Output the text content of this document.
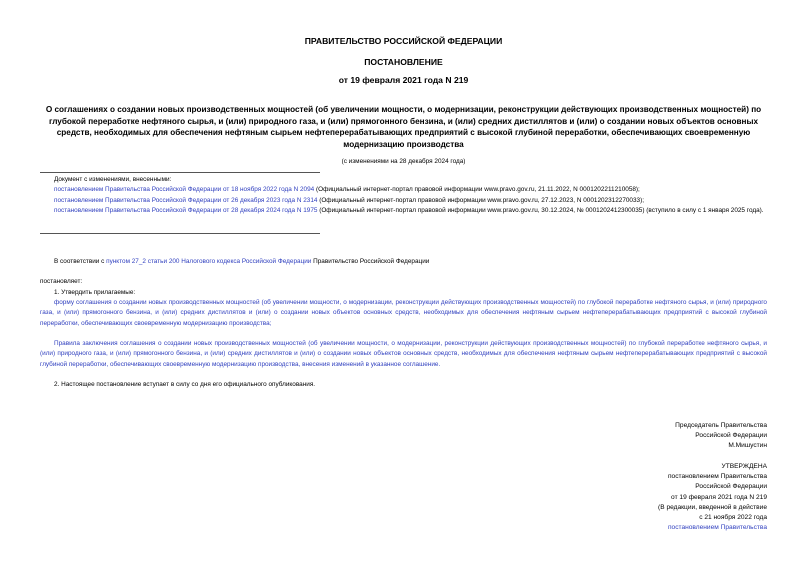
ПРАВИТЕЛЬСТВО РОССИЙСКОЙ ФЕДЕРАЦИИ
ПОСТАНОВЛЕНИЕ
от 19 февраля 2021 года N 219
О соглашениях о создании новых производственных мощностей (об увеличении мощности, о модернизации, реконструкции действующих производственных мощностей) по глубокой переработке нефтяного сырья, и (или) природного газа, и (или) прямогонного бензина, и (или) средних дистиллятов и (или) о создании новых объектов основных средств, необходимых для обеспечения нефтяным сырьем нефтеперерабатывающих предприятий с высокой глубиной переработки, обеспечивающих своевременную модернизацию производства
(с изменениями на 28 декабря 2024 года)
Документ с изменениями, внесенными:
постановлением Правительства Российской Федерации от 18 ноября 2022 года N 2094 (Официальный интернет-портал правовой информации www.pravo.gov.ru, 21.11.2022, N 0001202211210058);
постановлением Правительства Российской Федерации от 26 декабря 2023 года N 2314 (Официальный интернет-портал правовой информации www.pravo.gov.ru, 27.12.2023, N 0001202312270033);
постановлением Правительства Российской Федерации от 28 декабря 2024 года N 1975 (Официальный интернет-портал правовой информации www.pravo.gov.ru, 30.12.2024, № 0001202412300035) (вступило в силу с 1 января 2025 года).
В соответствии с пунктом 27_2 статьи 200 Налогового кодекса Российской Федерации Правительство Российской Федерации
постановляет:
1. Утвердить прилагаемые:
форму соглашения о создании новых производственных мощностей (об увеличении мощности, о модернизации, реконструкции действующих производственных мощностей) по глубокой переработке нефтяного сырья, и (или) природного газа, и (или) прямогонного бензина, и (или) средних дистиллятов и (или) о создании новых объектов основных средств, необходимых для обеспечения нефтяным сырьем нефтеперерабатывающих предприятий с высокой глубиной переработки, обеспечивающих своевременную модернизацию производства;
Правила заключения соглашения о создании новых производственных мощностей (об увеличении мощности, о модернизации, реконструкции действующих производственных мощностей) по глубокой переработке нефтяного сырья, и (или) природного газа, и (или) прямогонного бензина, и (или) средних дистиллятов и (или) о создании новых объектов основных средств, необходимых для обеспечения нефтяным сырьем нефтеперерабатывающих предприятий с высокой глубиной переработки, обеспечивающих своевременную модернизацию производства, внесения изменений в указанное соглашение.
2. Настоящее постановление вступает в силу со дня его официального опубликования.
Председатель Правительства
Российской Федерации
М.Мишустин
УТВЕРЖДЕНА
постановлением Правительства
Российской Федерации
от 19 февраля 2021 года N 219
(В редакции, введенной в действие
с 21 ноября 2022 года
постановлением Правительства
